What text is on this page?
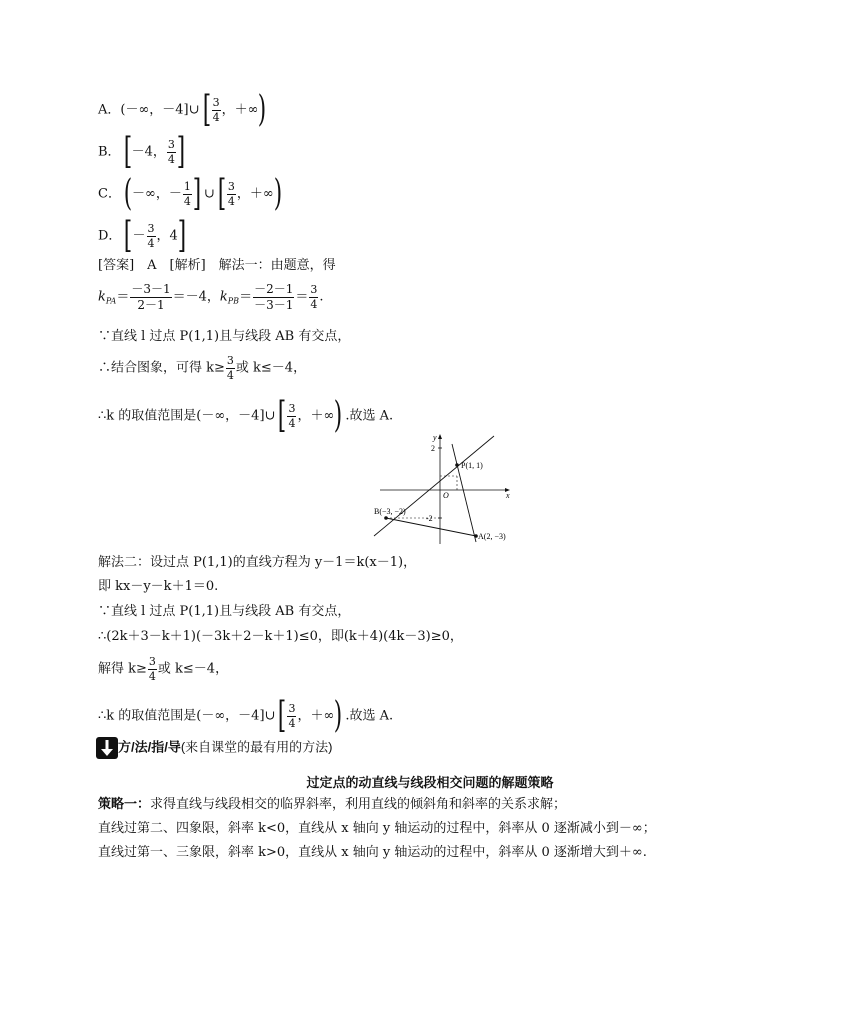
A．(－∞，－4]∪[ $\frac{3}{4}$ ，＋∞)
B．[－4， $\frac{3}{4}$ ]
C．(－∞，－ $\frac{1}{4}$ ] ∪[ $\frac{3}{4}$ ，＋∞)
D．[－ $\frac{3}{4}$ ，4]
[答案]　A　[解析]　解法一：由题意，得
$k_{PA}= \frac{-3-1}{2-1} =-4$，$k_{PB}= \frac{-2-1}{-3-1} = \frac{3}{4}$ .
∵直线 l 过点 P(1,1)且与线段 AB 有交点，
∴结合图象，可得 $k\ge \frac{3}{4}$ 或 k≤－4，
∴k 的取值范围是(－∞，－4]∪[ $\frac{3}{4}$ ，＋∞) .故选 A.
y
x
O
2
-2
P(1, 1)
B(−3, −2)
A(2, −3)
解法二：设过点 P(1,1)的直线方程为 y－1＝k(x－1)，
即 kx－y－k＋1＝0.
∵直线 l 过点 P(1,1)且与线段 AB 有交点，
∴(2k＋3－k＋1)(－3k＋2－k＋1)≤0，即(k＋4)(4k－3)≥0，
解得 $k\ge \frac{3}{4}$ 或 k≤－4，
∴k 的取值范围是(－∞，－4]∪[ $\frac{3}{4}$ ，＋∞) .故选 A.
方/法/指/导(来自课堂的最有用的方法)
过定点的动直线与线段相交问题的解题策略
策略一：求得直线与线段相交的临界斜率，利用直线的倾斜角和斜率的关系求解；
直线过第二、四象限，斜率 k<0，直线从 x 轴向 y 轴运动的过程中，斜率从 0 逐渐减小到－∞；
直线过第一、三象限，斜率 k>0，直线从 x 轴向 y 轴运动的过程中，斜率从 0 逐渐增大到＋∞.
